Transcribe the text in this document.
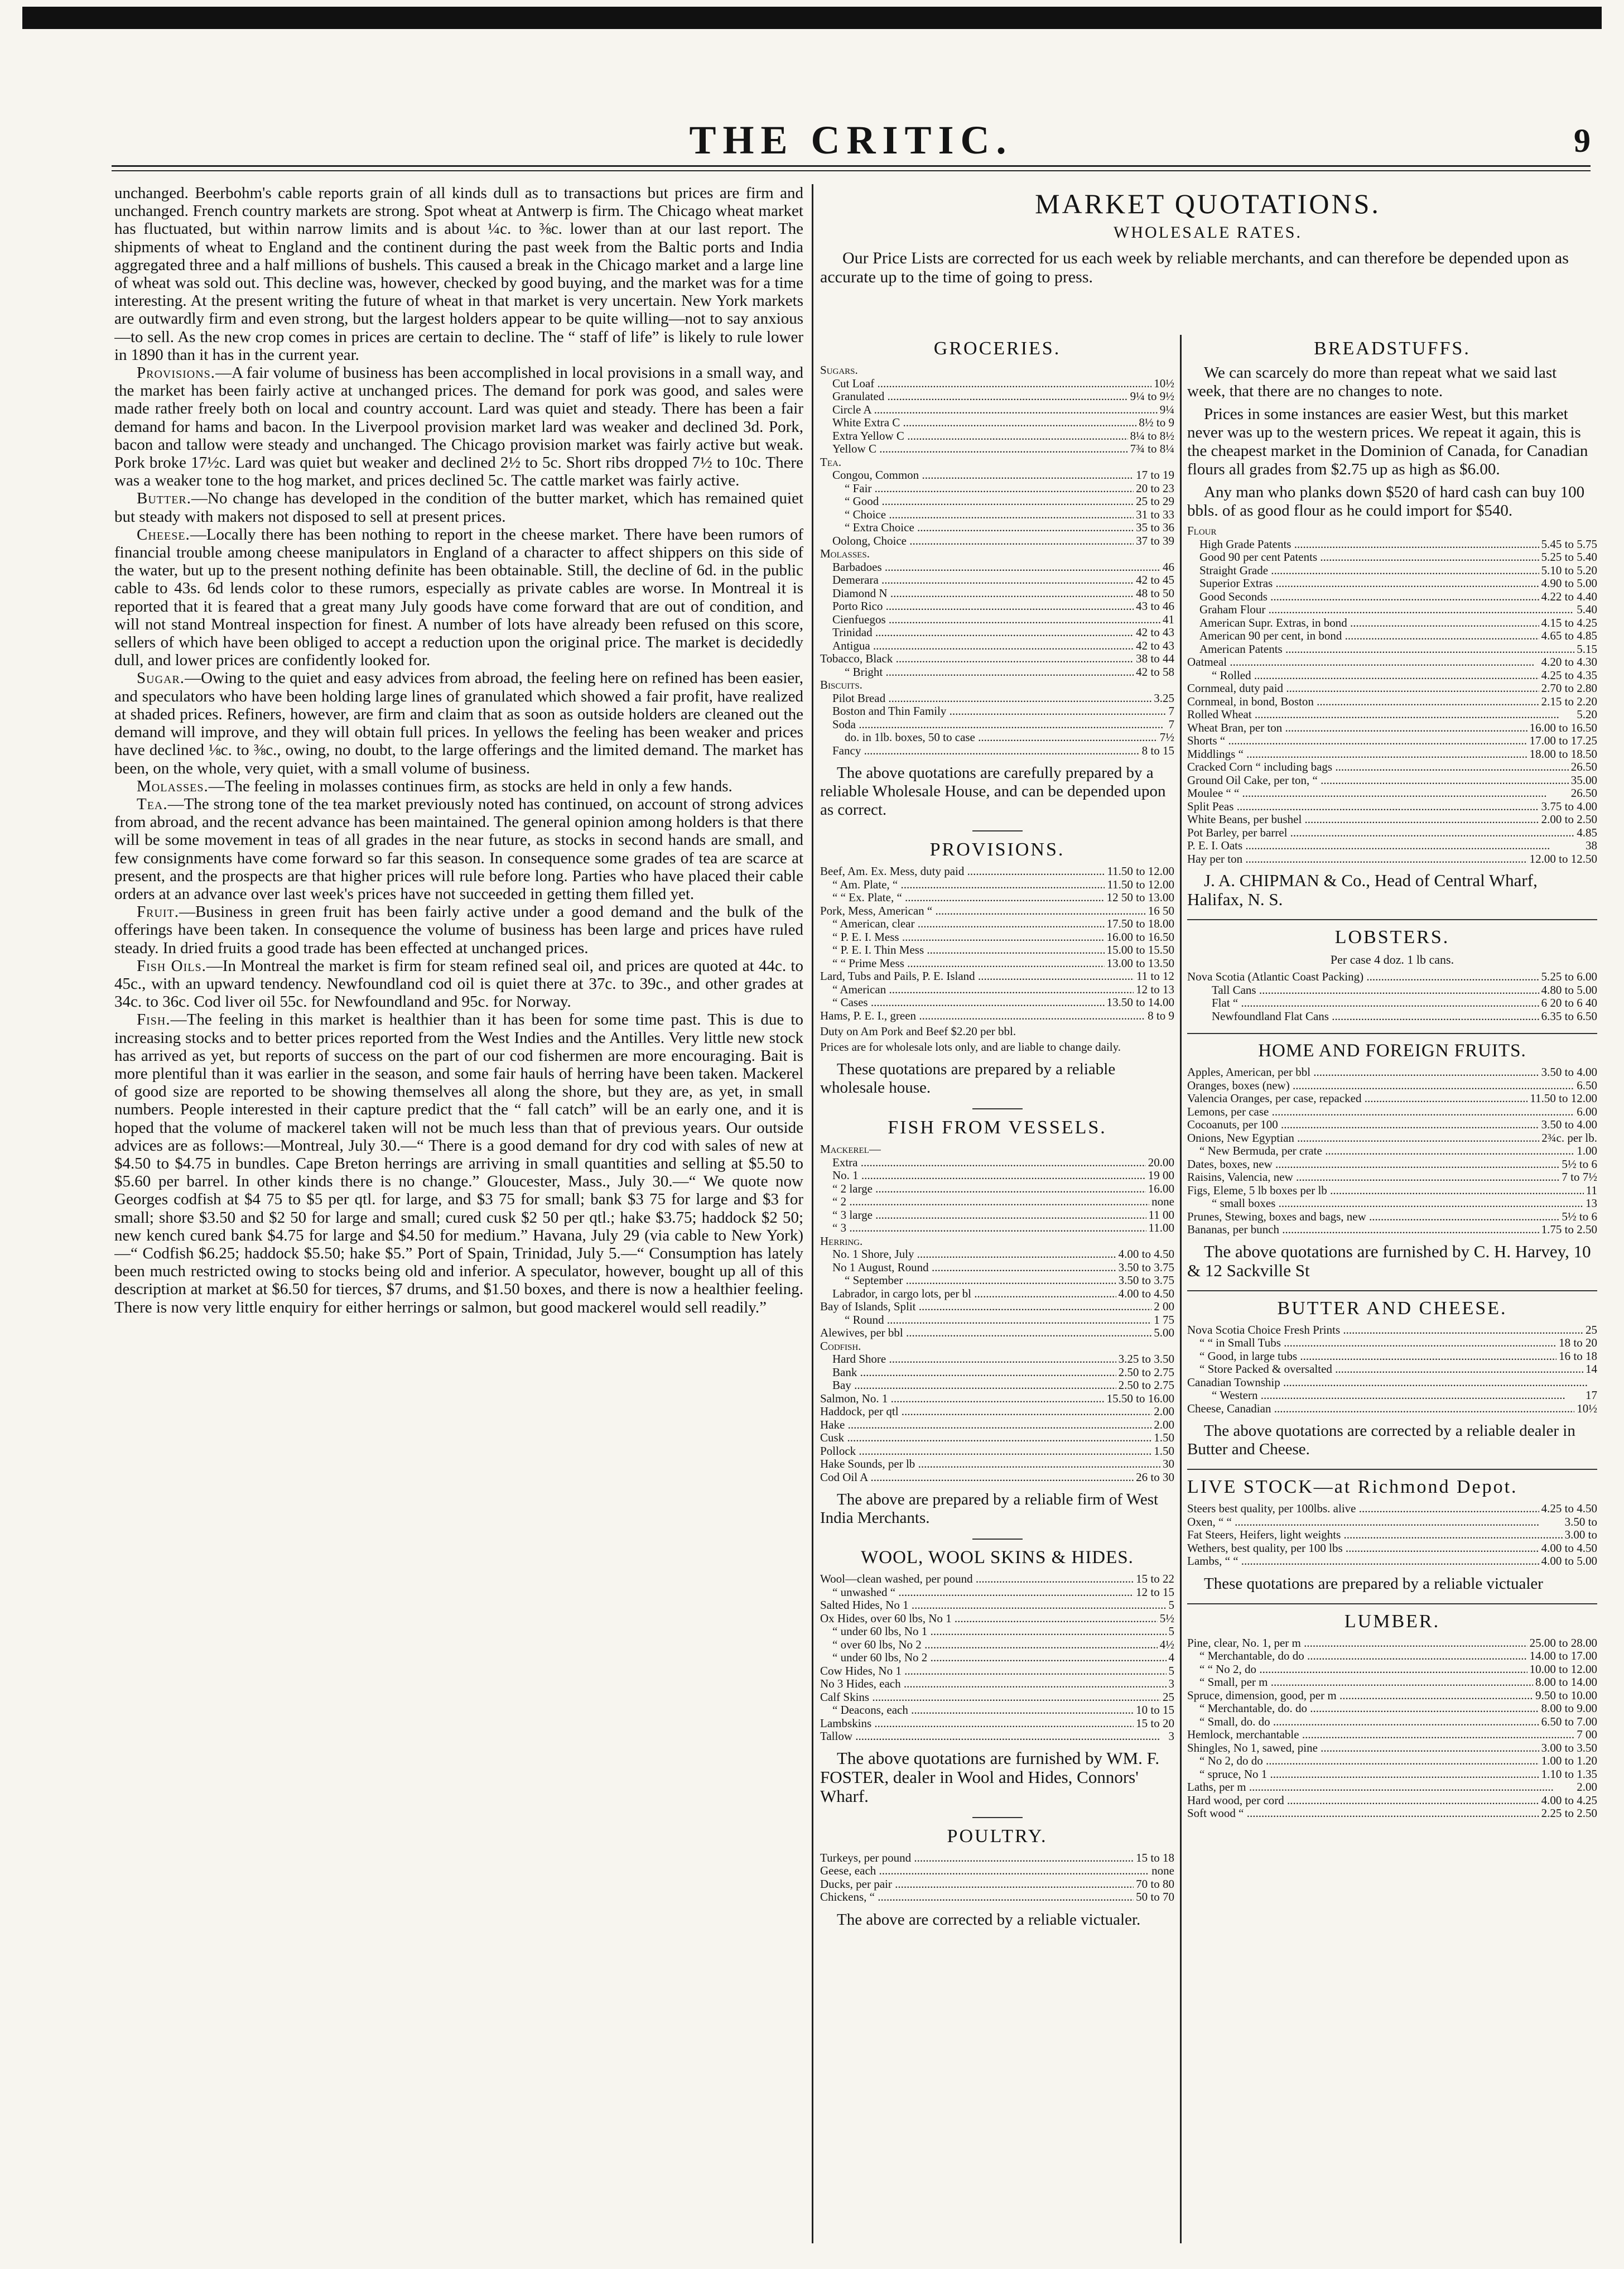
THE CRITIC.	9

unchanged. Beerbohm's cable reports grain of all kinds dull as to transactions but prices are firm and unchanged. French country markets are strong. Spot wheat at Antwerp is firm. The Chicago wheat market has fluctuated, but within narrow limits and is about ¼c. to ⅜c. lower than at our last report. The shipments of wheat to England and the continent during the past week from the Baltic ports and India aggregated three and a half millions of bushels. This caused a break in the Chicago market and a large line of wheat was sold out. This decline was, however, checked by good buying, and the market was for a time interesting. At the present writing the future of wheat in that market is very uncertain. New York markets are outwardly firm and even strong, but the largest holders appear to be quite willing—not to say anxious—to sell. As the new crop comes in prices are certain to decline. The “ staff of life” is likely to rule lower in 1890 than it has in the current year.

Provisions.—A fair volume of business has been accomplished in local provisions in a small way, and the market has been fairly active at unchanged prices. The demand for pork was good, and sales were made rather freely both on local and country account. Lard was quiet and steady. There has been a fair demand for hams and bacon. In the Liverpool provision market lard was weaker and declined 3d. Pork, bacon and tallow were steady and unchanged. The Chicago provision market was fairly active but weak. Pork broke 17½c. Lard was quiet but weaker and declined 2½ to 5c. Short ribs dropped 7½ to 10c. There was a weaker tone to the hog market, and prices declined 5c. The cattle market was fairly active.

Butter.—No change has developed in the condition of the butter market, which has remained quiet but steady with makers not disposed to sell at present prices.

Cheese.—Locally there has been nothing to report in the cheese market. There have been rumors of financial trouble among cheese manipulators in England of a character to affect shippers on this side of the water, but up to the present nothing definite has been obtainable. Still, the decline of 6d. in the public cable to 43s. 6d lends color to these rumors, especially as private cables are worse. In Montreal it is reported that it is feared that a great many July goods have come forward that are out of condition, and will not stand Montreal inspection for finest. A number of lots have already been refused on this score, sellers of which have been obliged to accept a reduction upon the original price. The market is decidedly dull, and lower prices are confidently looked for.

Sugar.—Owing to the quiet and easy advices from abroad, the feeling here on refined has been easier, and speculators who have been holding large lines of granulated which showed a fair profit, have realized at shaded prices. Refiners, however, are firm and claim that as soon as outside holders are cleaned out the demand will improve, and they will obtain full prices. In yellows the feeling has been weaker and prices have declined ⅛c. to ⅜c., owing, no doubt, to the large offerings and the limited demand. The market has been, on the whole, very quiet, with a small volume of business.

Molasses.—The feeling in molasses continues firm, as stocks are held in only a few hands.

Tea.—The strong tone of the tea market previously noted has continued, on account of strong advices from abroad, and the recent advance has been maintained. The general opinion among holders is that there will be some movement in teas of all grades in the near future, as stocks in second hands are small, and few consignments have come forward so far this season. In consequence some grades of tea are scarce at present, and the prospects are that higher prices will rule before long. Parties who have placed their cable orders at an advance over last week's prices have not succeeded in getting them filled yet.

Fruit.—Business in green fruit has been fairly active under a good demand and the bulk of the offerings have been taken. In consequence the volume of business has been large and prices have ruled steady. In dried fruits a good trade has been effected at unchanged prices.

Fish Oils.—In Montreal the market is firm for steam refined seal oil, and prices are quoted at 44c. to 45c., with an upward tendency. Newfoundland cod oil is quiet there at 37c. to 39c., and other grades at 34c. to 36c. Cod liver oil 55c. for Newfoundland and 95c. for Norway.

Fish.—The feeling in this market is healthier than it has been for some time past. This is due to increasing stocks and to better prices reported from the West Indies and the Antilles. Very little new stock has arrived as yet, but reports of success on the part of our cod fishermen are more encouraging. Bait is more plentiful than it was earlier in the season, and some fair hauls of herring have been taken. Mackerel of good size are reported to be showing themselves all along the shore, but they are, as yet, in small numbers. People interested in their capture predict that the “ fall catch” will be an early one, and it is hoped that the volume of mackerel taken will not be much less than that of previous years. Our outside advices are as follows:—Montreal, July 30.—“ There is a good demand for dry cod with sales of new at $4.50 to $4.75 in bundles. Cape Breton herrings are arriving in small quantities and selling at $5.50 to $5.60 per barrel. In other kinds there is no change.” Gloucester, Mass., July 30.—“ We quote now Georges codfish at $4 75 to $5 per qtl. for large, and $3 75 for small; bank $3 75 for large and $3 for small; shore $3.50 and $2 50 for large and small; cured cusk $2 50 per qtl.; hake $3.75; haddock $2 50; new kench cured bank $4.75 for large and $4.50 for medium.” Havana, July 29 (via cable to New York)—“ Codfish $6.25; haddock $5.50; hake $5.” Port of Spain, Trinidad, July 5.—“ Consumption has lately been much restricted owing to stocks being old and inferior. A speculator, however, bought up all of this description at market at $6.50 for tierces, $7 drums, and $1.50 boxes, and there is now a healthier feeling. There is now very little enquiry for either herrings or salmon, but good mackerel would sell readily.”

MARKET QUOTATIONS.
WHOLESALE RATES.
Our Price Lists are corrected for us each week by reliable merchants, and can therefore be depended upon as accurate up to the time of going to press.
GROCERIES.
Sugars.
Cut Loaf .....	10½
Granulated .....	9¼ to 9½
Circle A .....	9¼
White Extra C .....	8½ to 9
Extra Yellow C .....	8¼ to 8½
Yellow C .....	7¾ to 8¼
Tea.
Congou, Common .....	17 to 19
“ Fair .....	20 to 23
“ Good .....	25 to 29
“ Choice .....	31 to 33
“ Extra Choice .....	35 to 36
Oolong, Choice .....	37 to 39
Molasses.
Barbadoes .....	46
Demerara .....	42 to 45
Diamond N .....	48 to 50
Porto Rico .....	43 to 46
Cienfuegos .....	41
Trinidad .....	42 to 43
Antigua .....	42 to 43
Tobacco, Black .....	38 to 44
“ Bright .....	42 to 58
Biscuits.
Pilot Bread .....	3.25
Boston and Thin Family .....	7
Soda .....	7
do. in 1lb. boxes, 50 to case .....	7½
Fancy .....	8 to 15

The above quotations are carefully prepared by a reliable Wholesale House, and can be depended upon as correct.

PROVISIONS.
Beef, Am. Ex. Mess, duty paid .....	11.50 to 12.00
“ Am. Plate, “ .....	11.50 to 12.00
“ “ Ex. Plate, “ .....	12 50 to 13.00
Pork, Mess, American “ .....	16 50
“ American, clear .....	17.50 to 18.00
“ P. E. I. Mess .....	16.00 to 16.50
“ P. E. I. Thin Mess .....	15.00 to 15.50
“ “ Prime Mess .....	13.00 to 13.50
Lard, Tubs and Pails, P. E. Island .....	11 to 12
“ American .....	12 to 13
“ Cases .....	13.50 to 14.00
Hams, P. E. I., green .....	8 to 9
Duty on Am Pork and Beef $2.20 per bbl.
Prices are for wholesale lots only, and are liable to change daily.

These quotations are prepared by a reliable wholesale house.

FISH FROM VESSELS.
Mackerel—
Extra .....	20.00
No. 1 .....	19 00
“ 2 large .....	16.00
“ 2 .....	none
“ 3 large .....	11 00
“ 3 .....	11.00
Herring.
No. 1 Shore, July .....	4.00 to 4.50
No 1 August, Round .....	3.50 to 3.75
“ September .....	3.50 to 3.75
Labrador, in cargo lots, per bl .....	4.00 to 4.50
Bay of Islands, Split .....	2 00
“ Round .....	1 75
Alewives, per bbl .....	5.00
Codfish.
Hard Shore .....	3.25 to 3.50
Bank .....	2.50 to 2.75
Bay .....	2.50 to 2.75
Salmon, No. 1 .....	15.50 to 16.00
Haddock, per qtl .....	2.00
Hake .....	2.00
Cusk .....	1.50
Pollock .....	1.50
Hake Sounds, per lb .....	30
Cod Oil A .....	26 to 30

The above are prepared by a reliable firm of West India Merchants.

WOOL, WOOL SKINS & HIDES.
Wool—clean washed, per pound .....	15 to 22
“ unwashed “ .....	12 to 15
Salted Hides, No 1 .....	5
Ox Hides, over 60 lbs, No 1 .....	5½
“ under 60 lbs, No 1 .....	5
“ over 60 lbs, No 2 .....	4½
“ under 60 lbs, No 2 .....	4
Cow Hides, No 1 .....	5
No 3 Hides, each .....	3
Calf Skins .....	25
“ Deacons, each .....	10 to 15
Lambskins .....	15 to 20
Tallow .....	3

The above quotations are furnished by WM. F. FOSTER, dealer in Wool and Hides, Connors' Wharf.

POULTRY.
Turkeys, per pound .....	15 to 18
Geese, each .....	none
Ducks, per pair .....	70 to 80
Chickens, “ .....	50 to 70

The above are corrected by a reliable victualer.

BREADSTUFFS.

We can scarcely do more than repeat what we said last week, that there are no changes to note.

Prices in some instances are easier West, but this market never was up to the western prices. We repeat it again, this is the cheapest market in the Dominion of Canada, for Canadian flours all grades from $2.75 up as high as $6.00.

Any man who planks down $520 of hard cash can buy 100 bbls. of as good flour as he could import for $540.

Flour
High Grade Patents .....	5.45 to 5.75
Good 90 per cent Patents .....	5.25 to 5.40
Straight Grade .....	5.10 to 5.20
Superior Extras .....	4.90 to 5.00
Good Seconds .....	4.22 to 4.40
Graham Flour .....	5.40
American Supr. Extras, in bond .....	4.15 to 4.25
American 90 per cent, in bond .....	4.65 to 4.85
American Patents .....	5.15
Oatmeal .....	4.20 to 4.30
“ Rolled .....	4.25 to 4.35
Cornmeal, duty paid .....	2.70 to 2.80
Cornmeal, in bond, Boston .....	2.15 to 2.20
Rolled Wheat .....	5.20
Wheat Bran, per ton .....	16.00 to 16.50
Shorts “ .....	17.00 to 17.25
Middlings “ .....	18.00 to 18.50
Cracked Corn “ including bags .....	26.50
Ground Oil Cake, per ton, “ .....	35.00
Moulee “ “ .....	26.50
Split Peas .....	3.75 to 4.00
White Beans, per bushel .....	2.00 to 2.50
Pot Barley, per barrel .....	4.85
P. E. I. Oats .....	38
Hay per ton .....	12.00 to 12.50

J. A. CHIPMAN & Co., Head of Central Wharf, Halifax, N. S.

LOBSTERS.
Per case 4 doz. 1 lb cans.
Nova Scotia (Atlantic Coast Packing) .....	5.25 to 6.00
Tall Cans .....	4.80 to 5.00
Flat “ .....	6 20 to 6 40
Newfoundland Flat Cans .....	6.35 to 6.50
HOME AND FOREIGN FRUITS.
Apples, American, per bbl .....	3.50 to 4.00
Oranges, boxes (new) .....	6.50
Valencia Oranges, per case, repacked .....	11.50 to 12.00
Lemons, per case .....	6.00
Cocoanuts, per 100 .....	3.50 to 4.00
Onions, New Egyptian .....	2¾c. per lb.
“ New Bermuda, per crate .....	1.00
Dates, boxes, new .....	5½ to 6
Raisins, Valencia, new .....	7 to 7½
Figs, Eleme, 5 lb boxes per lb .....	11
“ small boxes .....	13
Prunes, Stewing, boxes and bags, new .....	5½ to 6
Bananas, per bunch .....	1.75 to 2.50

The above quotations are furnished by C. H. Harvey, 10 & 12 Sackville St

BUTTER AND CHEESE.
Nova Scotia Choice Fresh Prints .....	25
“ “ in Small Tubs .....	18 to 20
“ Good, in large tubs .....	16 to 18
“ Store Packed & oversalted .....	14
Canadian Township .....
“ Western .....	17
Cheese, Canadian .....	10½

The above quotations are corrected by a reliable dealer in Butter and Cheese.

LIVE STOCK—at Richmond Depot.
Steers best quality, per 100lbs. alive .....	4.25 to 4.50
Oxen, “ “ .....	3.50 to
Fat Steers, Heifers, light weights .....	3.00 to
Wethers, best quality, per 100 lbs .....	4.00 to 4.50
Lambs, “ “ .....	4.00 to 5.00

These quotations are prepared by a reliable victualer

LUMBER.
Pine, clear, No. 1, per m .....	25.00 to 28.00
“ Merchantable, do do .....	14.00 to 17.00
“ “ No 2, do .....	10.00 to 12.00
“ Small, per m .....	8.00 to 14.00
Spruce, dimension, good, per m .....	9.50 to 10.00
“ Merchantable, do. do .....	8.00 to 9.00
“ Small, do. do .....	6.50 to 7.00
Hemlock, merchantable .....	7 00
Shingles, No 1, sawed, pine .....	3.00 to 3.50
“ No 2, do do .....	1.00 to 1.20
“ spruce, No 1 .....	1.10 to 1.35
Laths, per m .....	2.00
Hard wood, per cord .....	4.00 to 4.25
Soft wood “ .....	2.25 to 2.50
